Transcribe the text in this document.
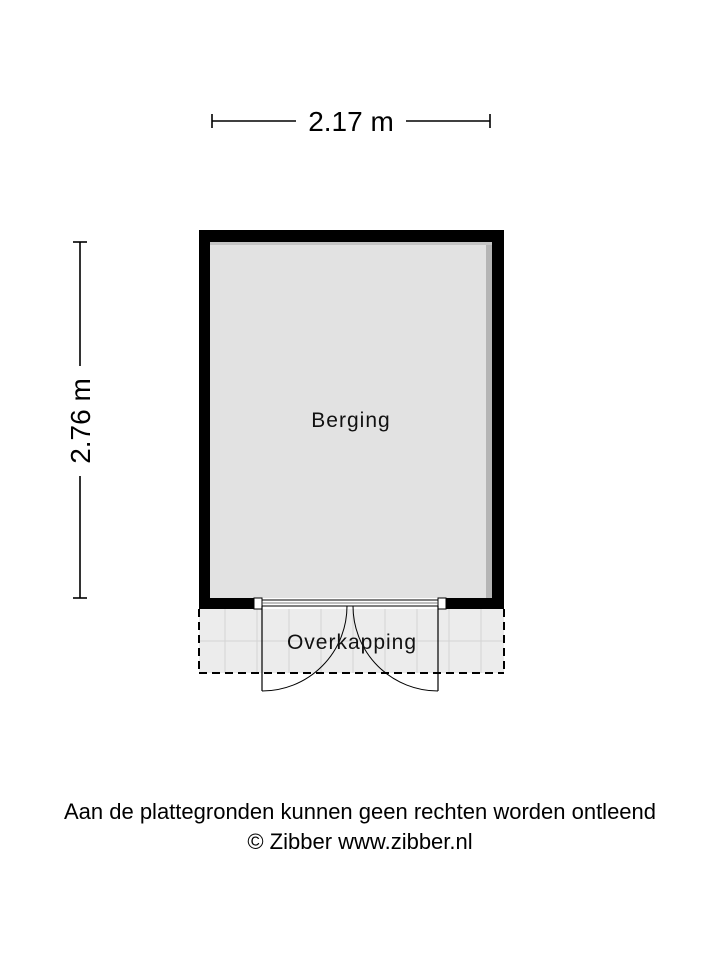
2.17 m
2.76 m	Berging
Overkapping
Aan de plattegronden kunnen geen rechten worden ontleend
© Zibber www.zibber.nl
